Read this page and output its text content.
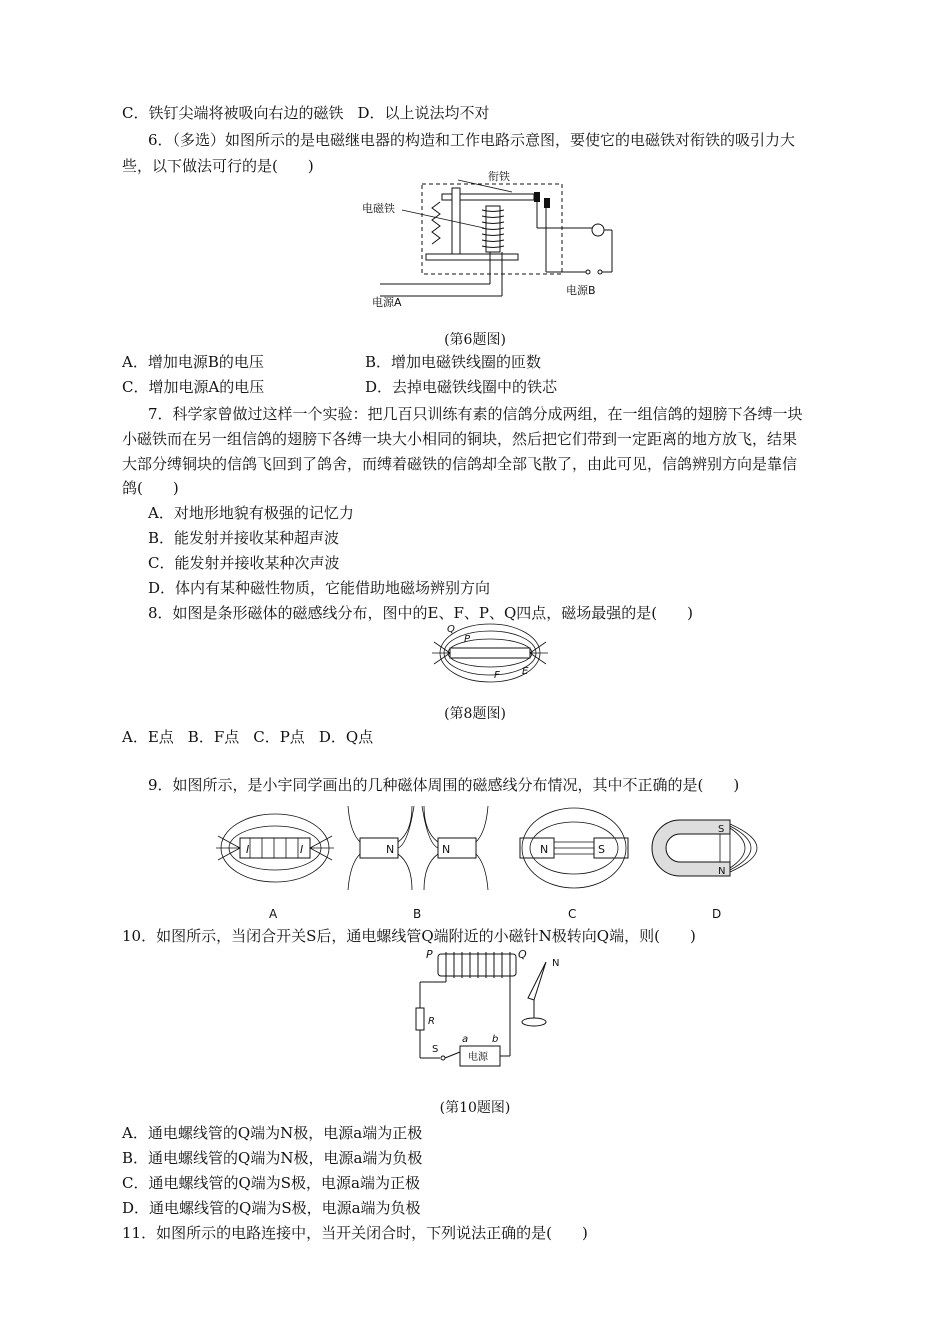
C．铁钉尖端将被吸向右边的磁铁 D．以上说法均不对
6．（多选）如图所示的是电磁继电器的构造和工作电路示意图，要使它的电磁铁对衔铁的吸引力大
些，以下做法可行的是(　　)
衔铁
电磁铁
电源A
电源B
(第6题图)
A．增加电源B的电压	B．增加电磁铁线圈的匝数
C．增加电源A的电压	D．去掉电磁铁线圈中的铁芯
7．科学家曾做过这样一个实验：把几百只训练有素的信鸽分成两组，在一组信鸽的翅膀下各缚一块
小磁铁而在另一组信鸽的翅膀下各缚一块大小相同的铜块，然后把它们带到一定距离的地方放飞，结果
大部分缚铜块的信鸽飞回到了鸽舍，而缚着磁铁的信鸽却全部飞散了，由此可见，信鸽辨别方向是靠信
鸽(　　)
A．对地形地貌有极强的记忆力
B．能发射并接收某种超声波
C．能发射并接收某种次声波
D．体内有某种磁性物质，它能借助地磁场辨别方向
8．如图是条形磁体的磁感线分布，图中的E、F、P、Q四点，磁场最强的是(　　)
Q
P
F E
(第8题图)
A．E点 B．F点 C．P点 D．Q点
9．如图所示，是小宇同学画出的几种磁体周围的磁感线分布情况，其中不正确的是(　　)
I	I
A
N	N
B
N	S
C
S
N
D
10．如图所示，当闭合开关S后，通电螺线管Q端附近的小磁针N极转向Q端，则(　　)
P	Q
N
R
S
电源
a b
(第10题图)
A．通电螺线管的Q端为N极，电源a端为正极
B．通电螺线管的Q端为N极，电源a端为负极
C．通电螺线管的Q端为S极，电源a端为正极
D．通电螺线管的Q端为S极，电源a端为负极
11．如图所示的电路连接中，当开关闭合时，下列说法正确的是(　　)
